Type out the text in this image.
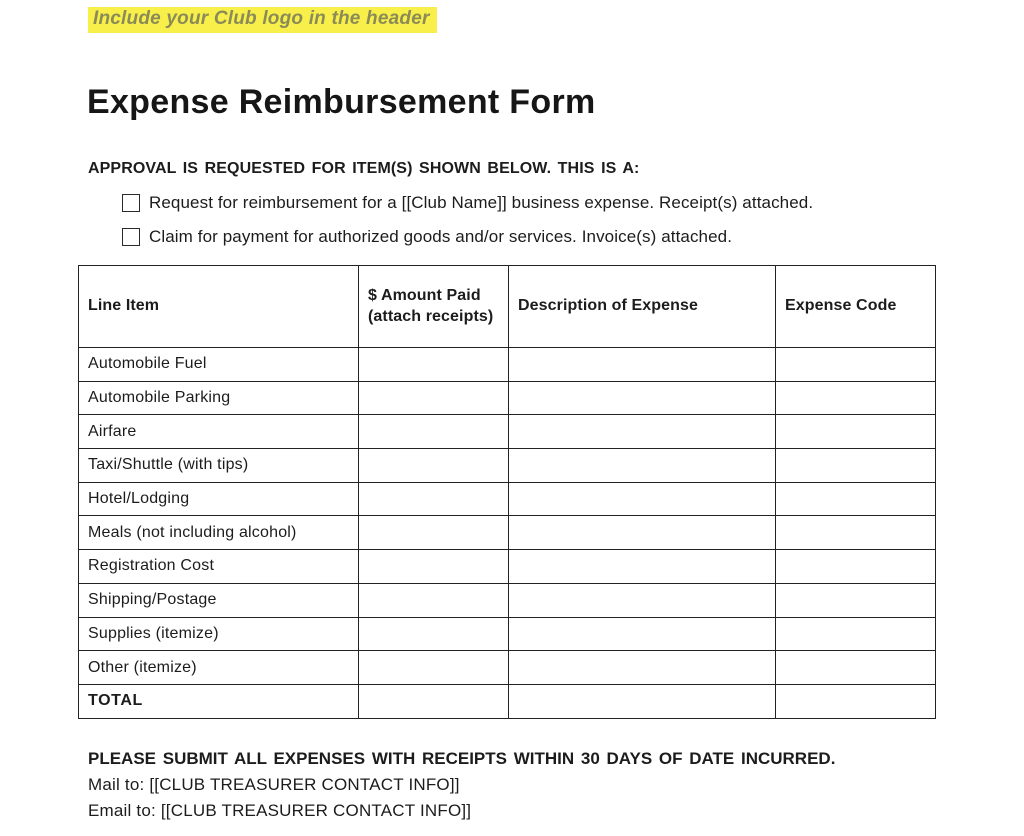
Include your Club logo in the header
Expense Reimbursement Form
APPROVAL IS REQUESTED FOR ITEM(S) SHOWN BELOW. THIS IS A:
Request for reimbursement for a [[Club Name]] business expense. Receipt(s) attached.
Claim for payment for authorized goods and/or services. Invoice(s) attached.
Line Item	$ Amount Paid (attach receipts)	Description of Expense	Expense Code
Automobile Fuel			
Automobile Parking			
Airfare			
Taxi/Shuttle (with tips)			
Hotel/Lodging			
Meals (not including alcohol)			
Registration Cost			
Shipping/Postage			
Supplies (itemize)			
Other (itemize)			
TOTAL			
PLEASE SUBMIT ALL EXPENSES WITH RECEIPTS WITHIN 30 DAYS OF DATE INCURRED.
Mail to: [[CLUB TREASURER CONTACT INFO]]
Email to: [[CLUB TREASURER CONTACT INFO]]
